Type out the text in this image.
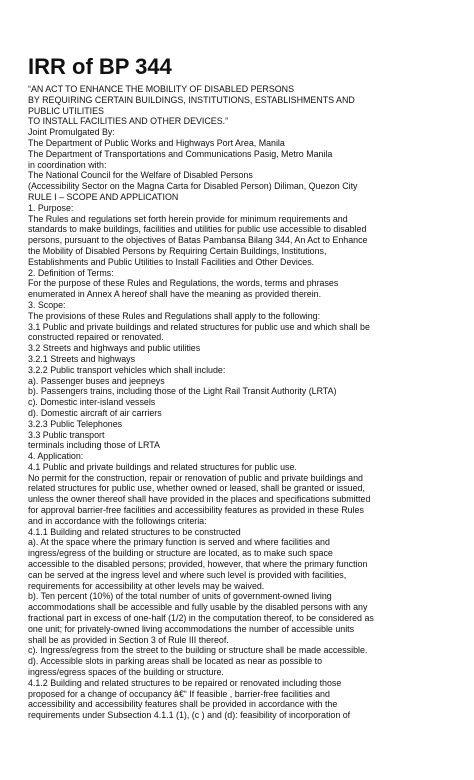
IRR of BP 344
“AN ACT TO ENHANCE THE MOBILITY OF DISABLED PERSONS
BY REQUIRING CERTAIN BUILDINGS, INSTITUTIONS, ESTABLISHMENTS AND
PUBLIC UTILITIES
TO INSTALL FACILITIES AND OTHER DEVICES.”
Joint Promulgated By:
The Department of Public Works and Highways Port Area, Manila
The Department of Transportations and Communications Pasig, Metro Manila
in coordination with:
The National Council for the Welfare of Disabled Persons
(Accessibility Sector on the Magna Carta for Disabled Person) Diliman, Quezon City
RULE I – SCOPE AND APPLICATION
1. Purpose:
The Rules and regulations set forth herein provide for minimum requirements and
standards to make buildings, facilities and utilities for public use accessible to disabled
persons, pursuant to the objectives of Batas Pambansa Bilang 344, An Act to Enhance
the Mobility of Disabled Persons by Requiring Certain Buildings, Institutions,
Establishments and Public Utilities to Install Facilities and Other Devices.
2. Definition of Terms:
For the purpose of these Rules and Regulations, the words, terms and phrases
enumerated in Annex A hereof shall have the meaning as provided therein.
3. Scope:
The provisions of these Rules and Regulations shall apply to the following:
3.1 Public and private buildings and related structures for public use and which shall be
constructed repaired or renovated.
3.2 Streets and highways and public utilities
3.2.1 Streets and highways
3.2.2 Public transport vehicles which shall include:
a). Passenger buses and jeepneys
b). Passengers trains, including those of the Light Rail Transit Authority (LRTA)
c). Domestic inter-island vessels
d). Domestic aircraft of air carriers
3.2.3 Public Telephones
3.3 Public transport
terminals including those of LRTA
4. Application:
4.1 Public and private buildings and related structures for public use.
No permit for the construction, repair or renovation of public and private buildings and
related structures for public use, whether owned or leased, shall be granted or issued,
unless the owner thereof shall have provided in the places and specifications submitted
for approval barrier-free facilities and accessibility features as provided in these Rules
and in accordance with the followings criteria:
4.1.1 Building and related structures to be constructed
a). At the space where the primary function is served and where facilities and
ingress/egress of the building or structure are located, as to make such space
accessible to the disabled persons; provided, however, that where the primary function
can be served at the ingress level and where such level is provided with facilities,
requirements for accessibility at other levels may be waived.
b). Ten percent (10%) of the total number of units of government-owned living
accommodations shall be accessible and fully usable by the disabled persons with any
fractional part in excess of one-half (1/2) in the computation thereof, to be considered as
one unit; for privately-owned living accommodations the number of accessible units
shall be as provided in Section 3 of Rule III thereof.
c). Ingress/egress from the street to the building or structure shall be made accessible.
d). Accessible slots in parking areas shall be located as near as possible to
ingress/egress spaces of the building or structure.
4.1.2 Building and related structures to be repaired or renovated including those
proposed for a change of occupancy â€“ If feasible , barrier-free facilities and
accessibility and accessibility features shall be provided in accordance with the
requirements under Subsection 4.1.1 (1), (c ) and (d): feasibility of incorporation of
